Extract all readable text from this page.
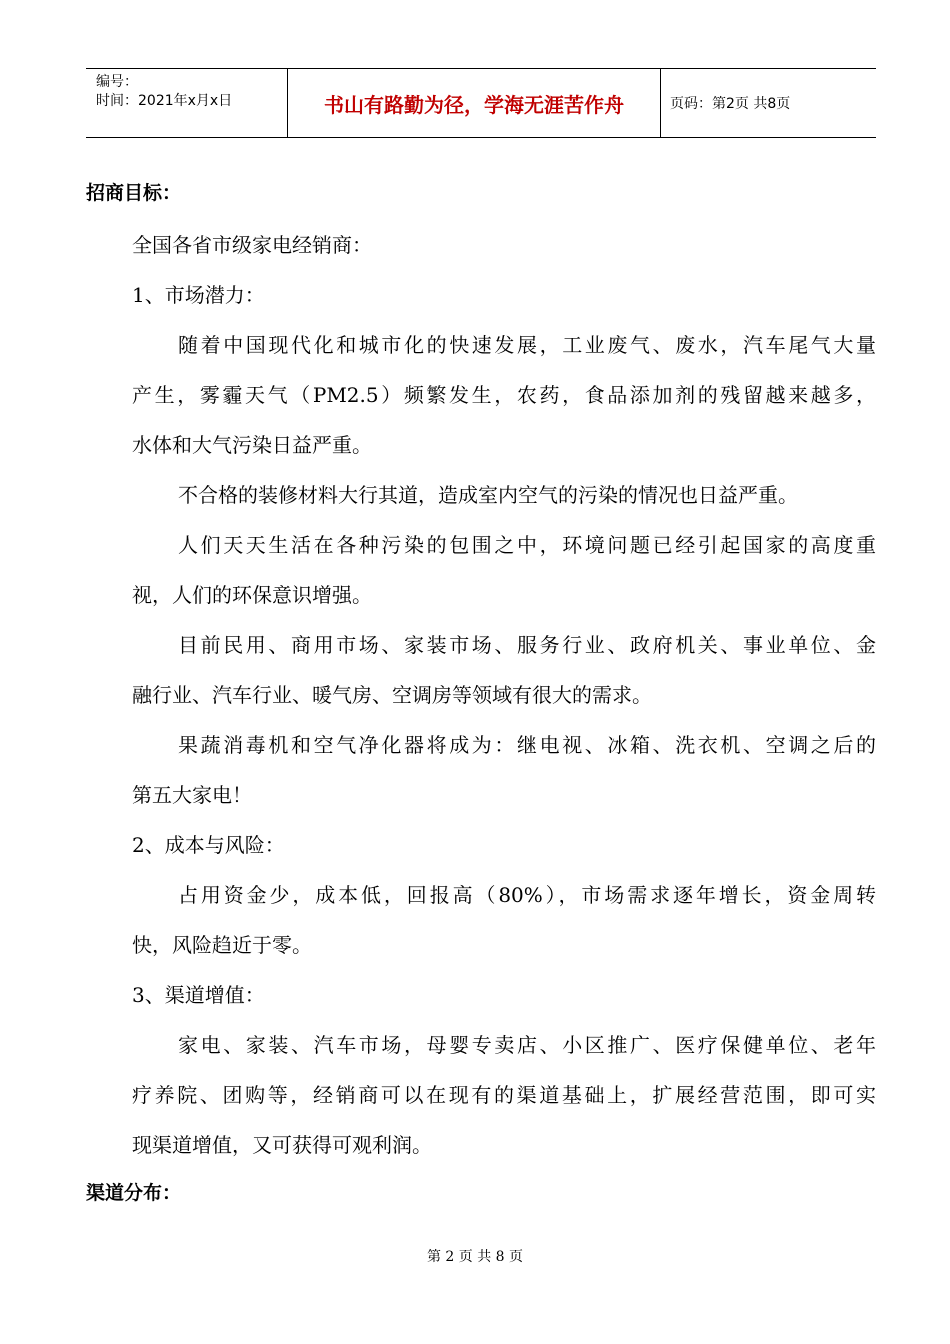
编号：
时间：2021年x月x日	书山有路勤为径，学海无涯苦作舟	页码：第2页 共8页
招商目标：
全国各省市级家电经销商：
1、市场潜力：
随着中国现代化和城市化的快速发展，工业废气、废水，汽车尾气大量
产生，雾霾天气（PM2.5）频繁发生，农药，食品添加剂的残留越来越多，
水体和大气污染日益严重。
不合格的装修材料大行其道，造成室内空气的污染的情况也日益严重。
人们天天生活在各种污染的包围之中，环境问题已经引起国家的高度重
视，人们的环保意识增强。
目前民用、商用市场、家装市场、服务行业、政府机关、事业单位、金
融行业、汽车行业、暖气房、空调房等领域有很大的需求。
果蔬消毒机和空气净化器将成为：继电视、冰箱、洗衣机、空调之后的
第五大家电！
2、成本与风险：
占用资金少，成本低，回报高（80%），市场需求逐年增长，资金周转
快，风险趋近于零。
3、渠道增值：
家电、家装、汽车市场，母婴专卖店、小区推广、医疗保健单位、老年
疗养院、团购等，经销商可以在现有的渠道基础上，扩展经营范围，即可实
现渠道增值，又可获得可观利润。
渠道分布：
第 2 页 共 8 页
